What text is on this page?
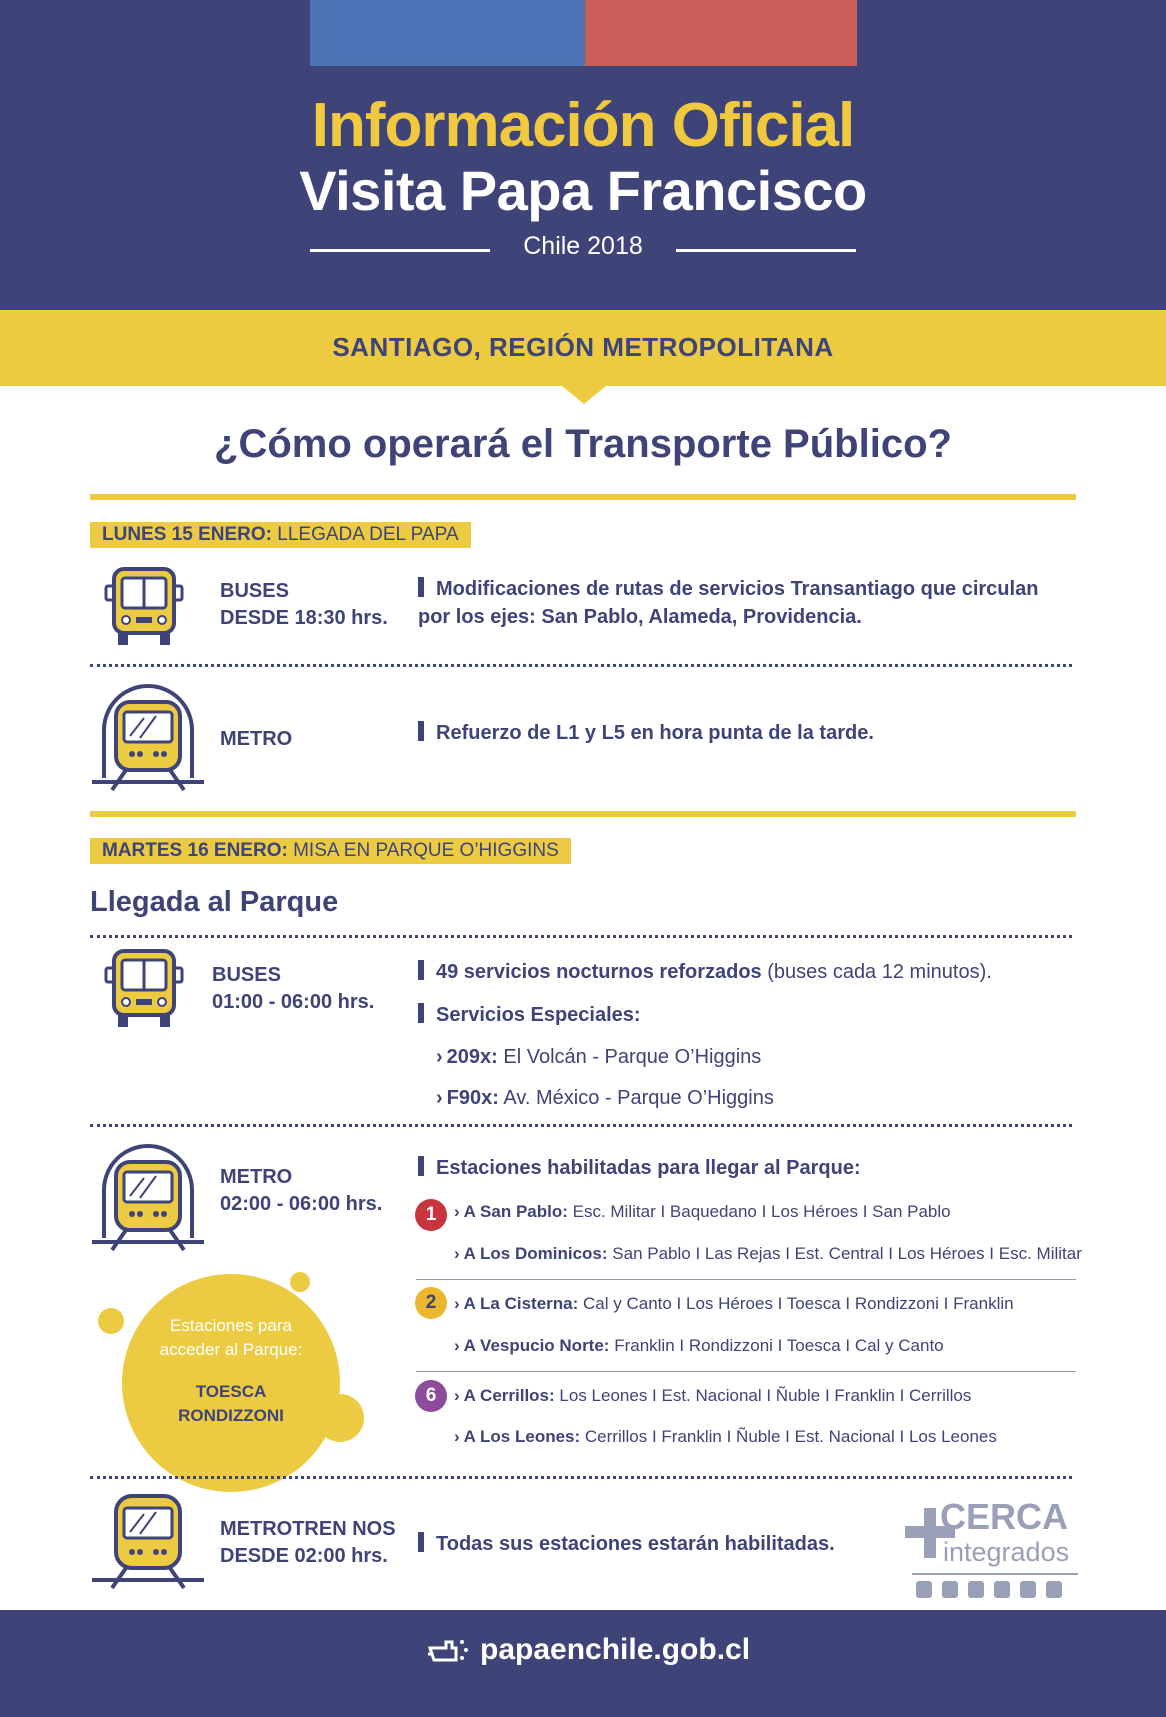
Información Oficial
Visita Papa Francisco
Chile 2018
SANTIAGO, REGIÓN METROPOLITANA
¿Cómo operará el Transporte Público?
LUNES 15 ENERO: LLEGADA DEL PAPA
BUSES
DESDE 18:30 hrs.
Modificaciones de rutas de servicios Transantiago que circulan
por los ejes: San Pablo, Alameda, Providencia.
METRO	Refuerzo de L1 y L5 en hora punta de la tarde.
MARTES 16 ENERO: MISA EN PARQUE O’HIGGINS
Llegada al Parque
BUSES
01:00 - 06:00 hrs.
49 servicios nocturnos reforzados (buses cada 12 minutos).
Servicios Especiales:
› 209x: El Volcán - Parque O’Higgins
› F90x: Av. México - Parque O’Higgins
METRO
02:00 - 06:00 hrs.
Estaciones habilitadas para llegar al Parque:
1	› A San Pablo: Esc. Militar I Baquedano I Los Héroes I San Pablo
› A Los Dominicos: San Pablo I Las Rejas I Est. Central I Los Héroes I Esc. Militar
2	› A La Cisterna: Cal y Canto I Los Héroes I Toesca I Rondizzoni I Franklin
› A Vespucio Norte: Franklin I Rondizzoni I Toesca I Cal y Canto
6	› A Cerrillos: Los Leones I Est. Nacional I Ñuble I Franklin I Cerrillos
› A Los Leones: Cerrillos I Franklin I Ñuble I Est. Nacional I Los Leones
Estaciones para
acceder al Parque:
TOESCA
RONDIZZONI
METROTREN NOS
DESDE 02:00 hrs.
Todas sus estaciones estarán habilitadas.
CERCA
integrados
papaenchile.gob.cl
